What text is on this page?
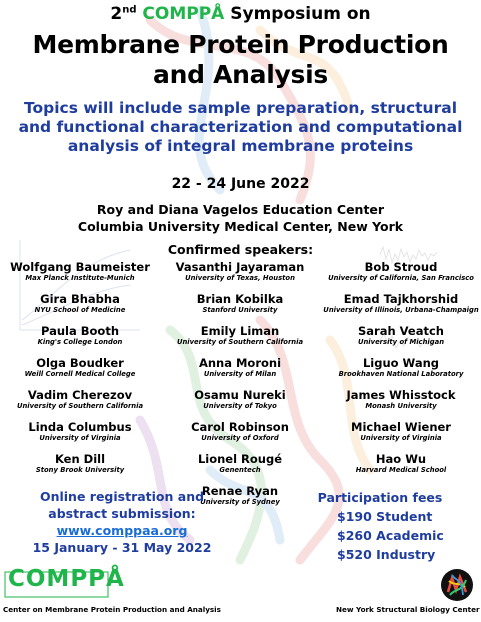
2nd COMPPÅ Symposium on
Membrane Protein Production
and Analysis
Topics will include sample preparation, structural
and functional characterization and computational
analysis of integral membrane proteins
22 - 24 June 2022
Roy and Diana Vagelos Education Center
Columbia University Medical Center, New York
Confirmed speakers:
Wolfgang Baumeister
Max Planck Institute-Munich
Gira Bhabha
NYU School of Medicine
Paula Booth
King's College London
Olga Boudker
Weill Cornell Medical College
Vadim Cherezov
University of Southern California
Linda Columbus
University of Virginia
Ken Dill
Stony Brook University
Vasanthi Jayaraman
University of Texas, Houston
Brian Kobilka
Stanford University
Emily Liman
University of Southern California
Anna Moroni
University of Milan
Osamu Nureki
University of Tokyo
Carol Robinson
University of Oxford
Lionel Rougé
Genentech
Renae Ryan
University of Sydney
Bob Stroud
University of California, San Francisco
Emad Tajkhorshid
University of Illinois, Urbana-Champaign
Sarah Veatch
University of Michigan
Liguo Wang
Brookhaven National Laboratory
James Whisstock
Monash University
Michael Wiener
University of Virginia
Hao Wu
Harvard Medical School
Online registration and
abstract submission:
www.comppaa.org
15 January - 31 May 2022
Participation fees
$190 Student
$260 Academic
$520 Industry
COMPPÅ
Center on Membrane Protein Production and Analysis	New York Structural Biology Center
